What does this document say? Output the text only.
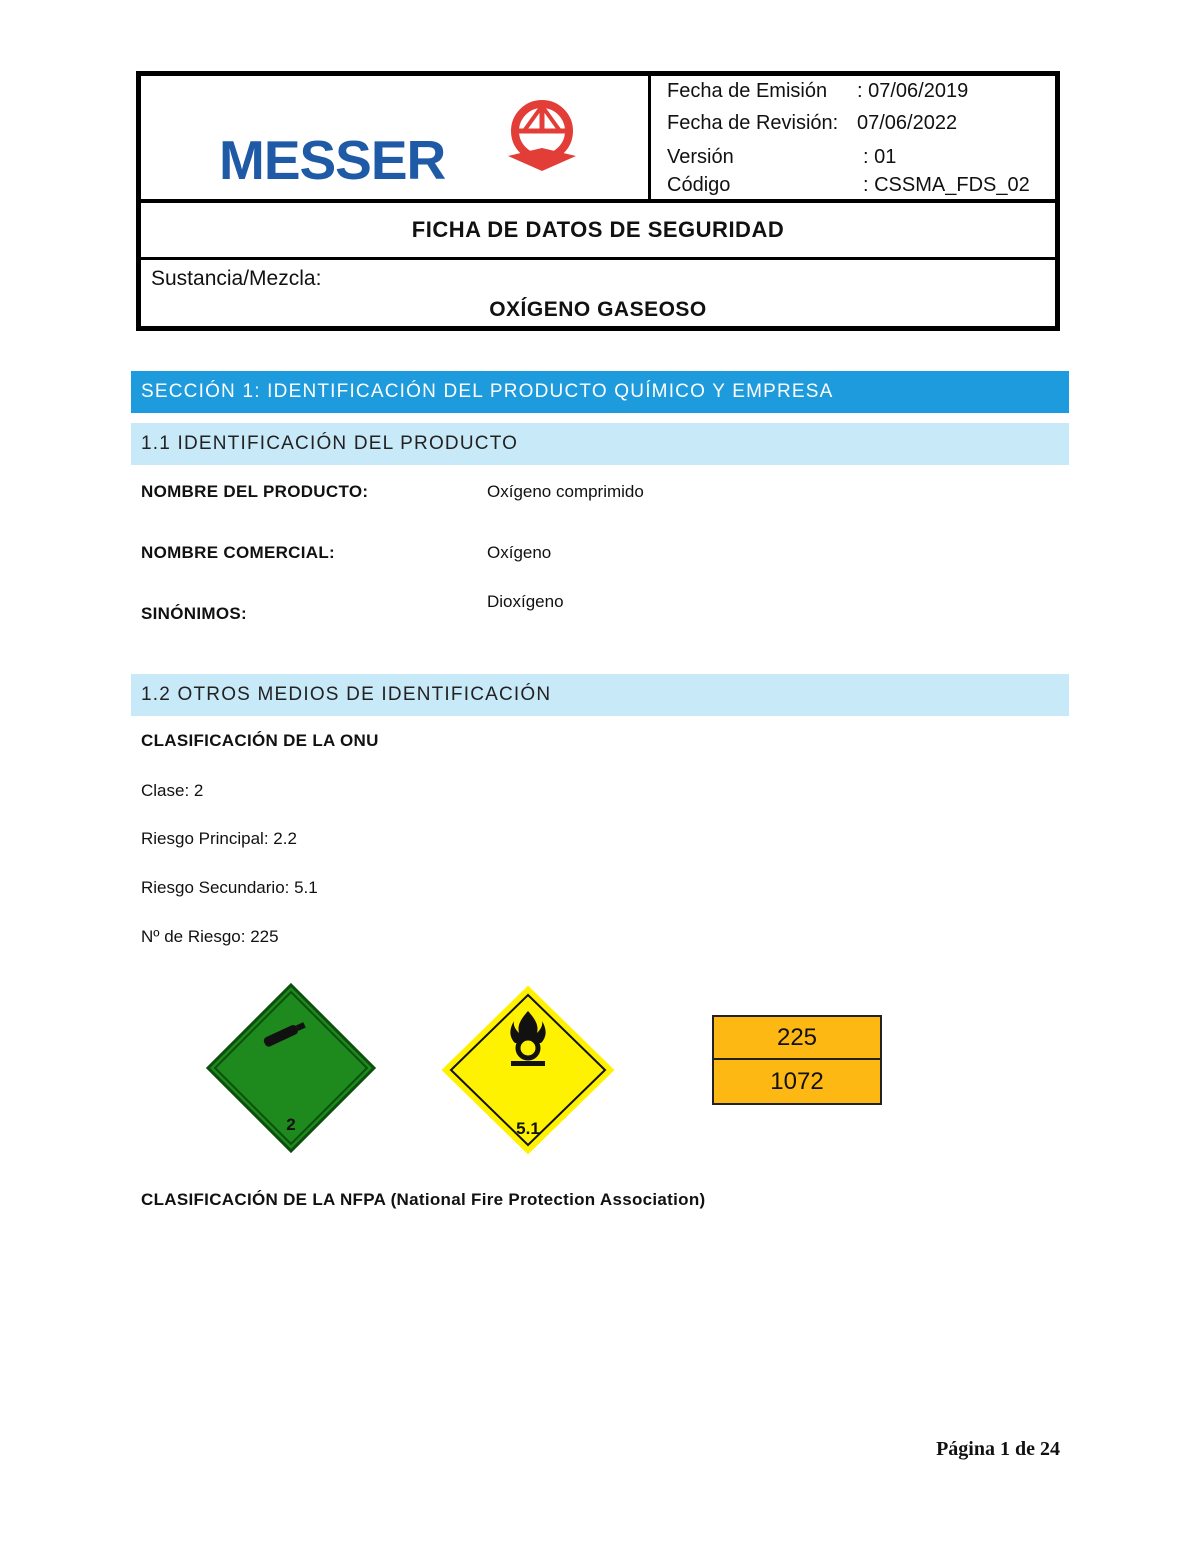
MESSER
Fecha de Emisión : 07/06/2019
Fecha de Revisión: 07/06/2022
Versión	: 01
Código	: CSSMA_FDS_02
FICHA DE DATOS DE SEGURIDAD
Sustancia/Mezcla:
OXÍGENO GASEOSO
SECCIÓN 1: IDENTIFICACIÓN DEL PRODUCTO QUÍMICO Y EMPRESA
1.1 IDENTIFICACIÓN DEL PRODUCTO
NOMBRE DEL PRODUCTO:	Oxígeno comprimido
NOMBRE COMERCIAL:	Oxígeno
SINÓNIMOS:
Dioxígeno
1.2 OTROS MEDIOS DE IDENTIFICACIÓN
CLASIFICACIÓN DE LA ONU
Clase: 2
Riesgo Principal: 2.2
Riesgo Secundario: 5.1
Nº de Riesgo: 225
2	5.1
225
1072
CLASIFICACIÓN DE LA NFPA (National Fire Protection Association)
Página 1 de 24
